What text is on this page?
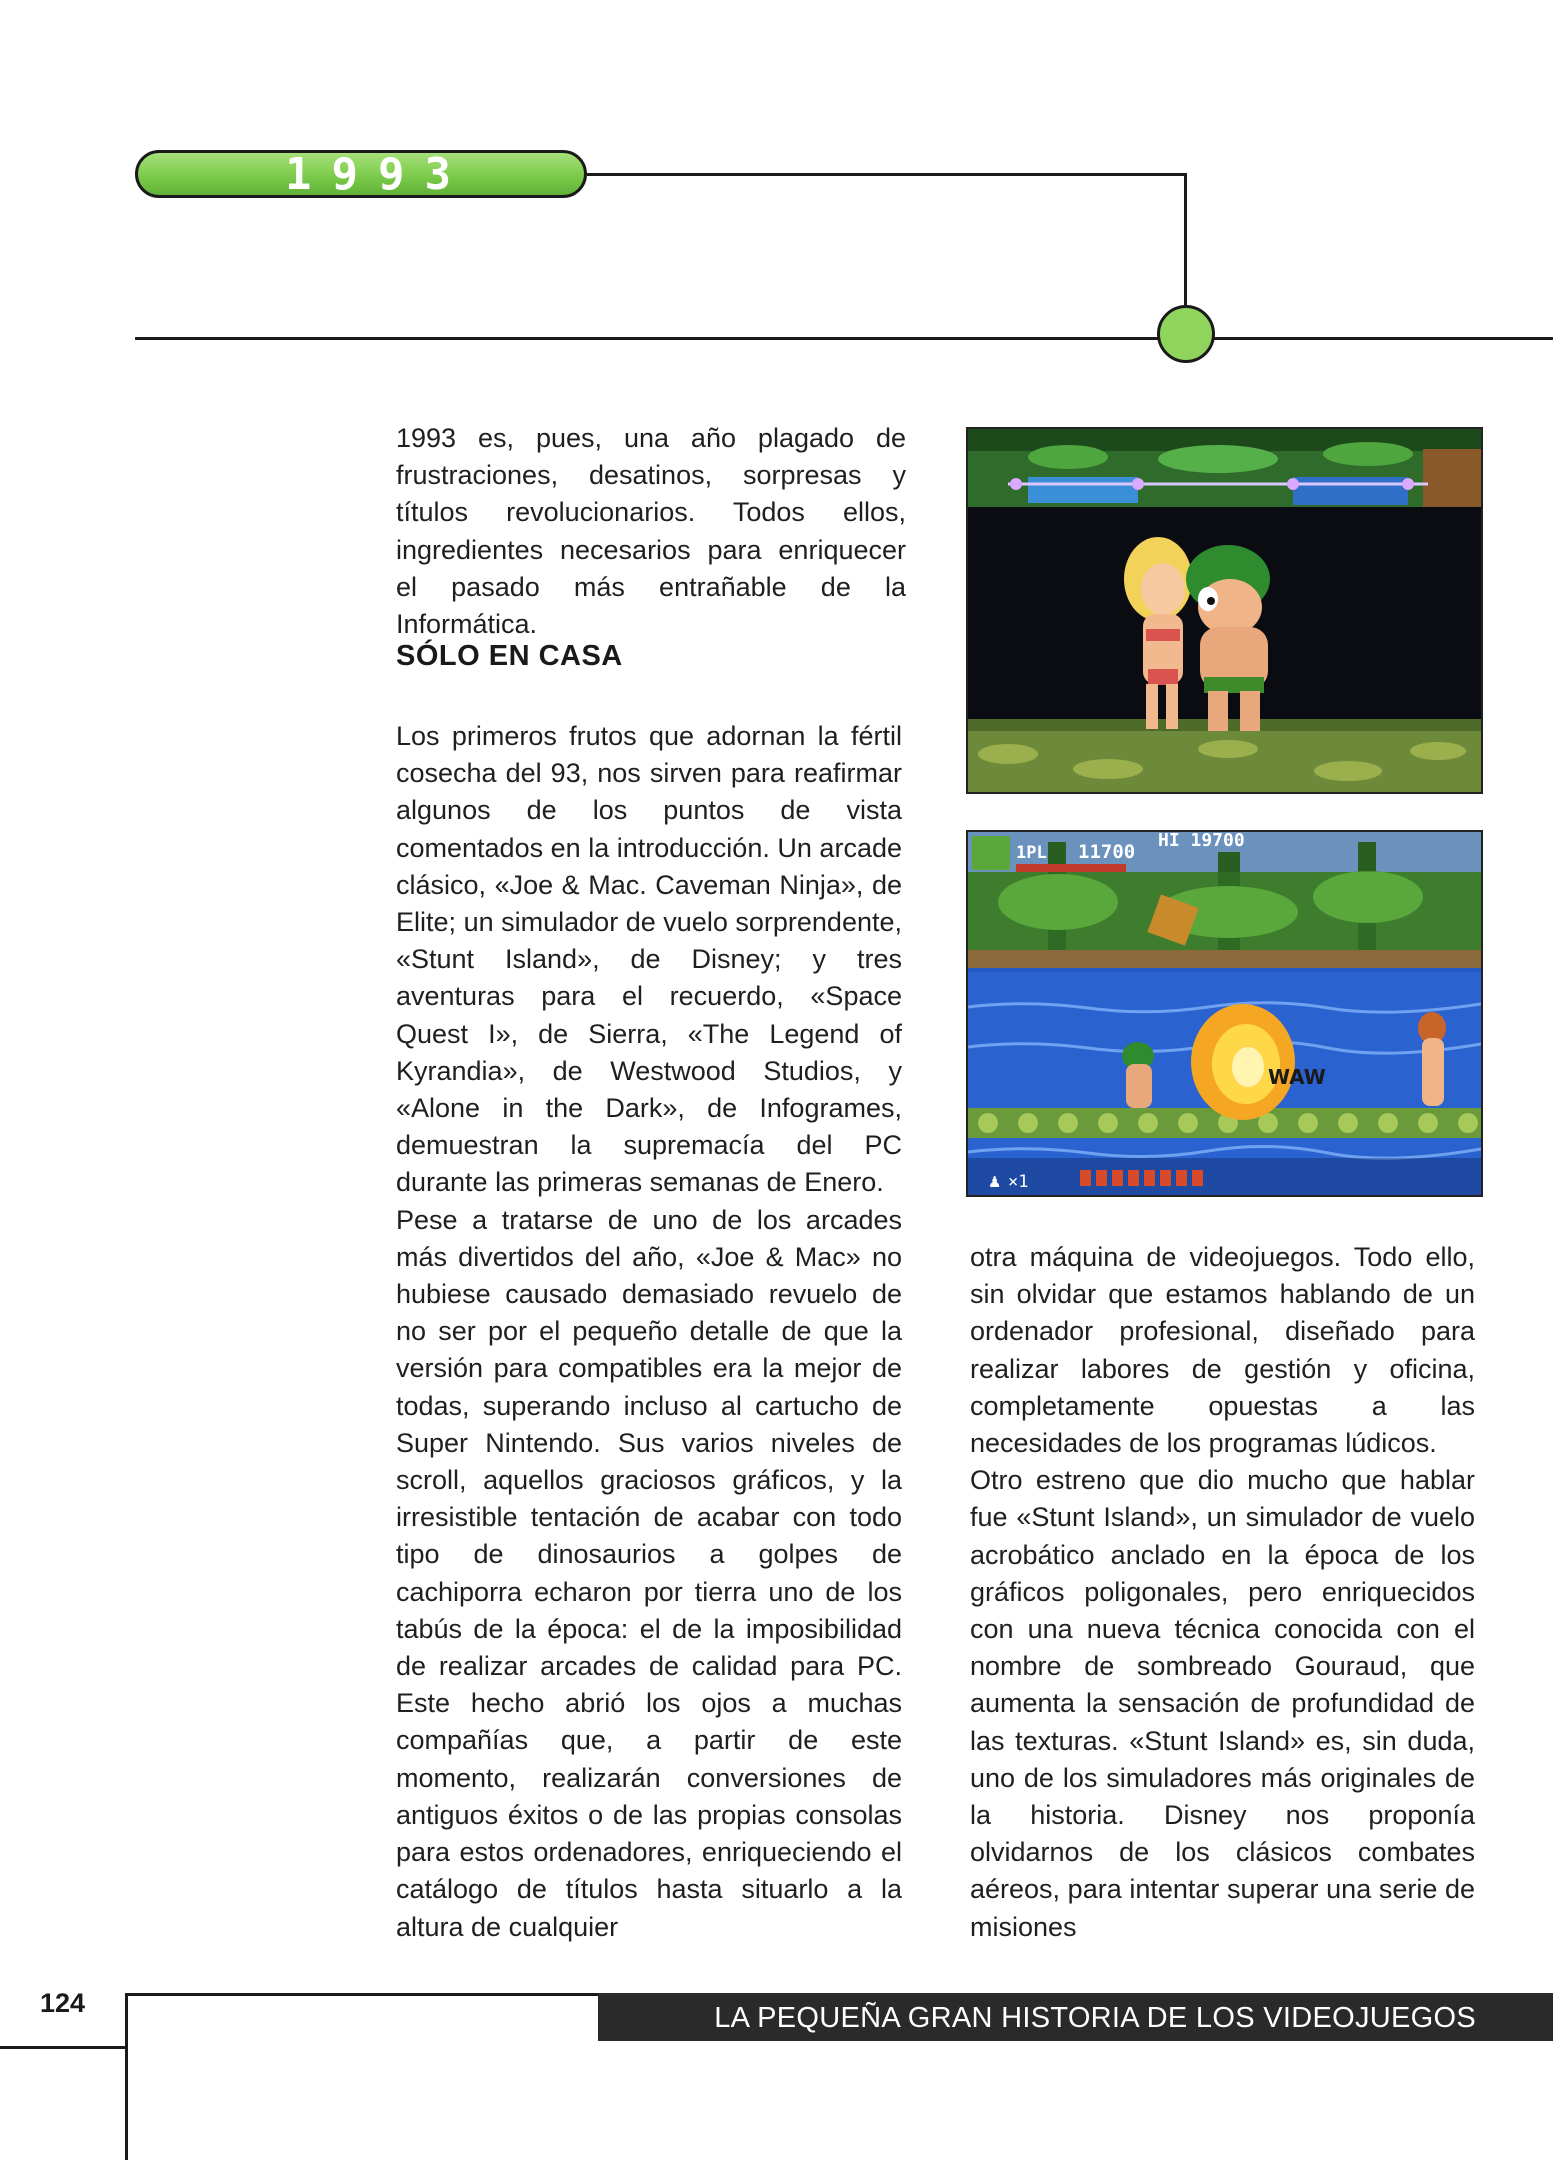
1993

1993 es, pues, una año plagado de frustraciones, desatinos, sorpresas y títulos revolucionarios. Todos ellos, ingredientes necesarios para enriquecer el pasado más entrañable de la Informática.

SÓLO EN CASA

Los primeros frutos que adornan la fértil cosecha del 93, nos sirven para reafirmar algunos de los puntos de vista comentados en la introducción. Un arcade clásico, «Joe & Mac. Caveman Ninja», de Elite; un simulador de vuelo sorprendente, «Stunt Island», de Disney; y tres aventuras para el recuerdo, «Space Quest I», de Sierra, «The Legend of Kyrandia», de Westwood Studios, y «Alone in the Dark», de Infogrames, demuestran la supremacía del PC durante las primeras semanas de Enero.

Pese a tratarse de uno de los arcades más divertidos del año, «Joe & Mac» no hubiese causado demasiado revuelo de no ser por el pequeño detalle de que la versión para compatibles era la mejor de todas, superando incluso al cartucho de Super Nintendo. Sus varios niveles de scroll, aquellos graciosos gráficos, y la irresistible tentación de acabar con todo tipo de dinosaurios a golpes de cachiporra echaron por tierra uno de los tabús de la época: el de la imposibilidad de realizar arcades de calidad para PC. Este hecho abrió los ojos a muchas compañías que, a partir de este momento, realizarán conversiones de antiguos éxitos o de las propias consolas para estos ordenadores, enriqueciendo el catálogo de títulos hasta situarlo a la altura de cualquier

otra máquina de videojuegos. Todo ello, sin olvidar que estamos hablando de un ordenador profesional, diseñado para realizar labores de gestión y oficina, completamente opuestas a las necesidades de los programas lúdicos.

Otro estreno que dio mucho que hablar fue «Stunt Island», un simulador de vuelo acrobático anclado en la época de los gráficos poligonales, pero enriquecidos con una nueva técnica conocida con el nombre de sombreado Gouraud, que aumenta la sensación de profundidad de las texturas. «Stunt Island» es, sin duda, uno de los simuladores más originales de la historia. Disney nos proponía olvidarnos de los clásicos combates aéreos, para intentar superar una serie de misiones

WAW
1PL 11700
HI 19700
♟ ×1
124	LA PEQUEÑA GRAN HISTORIA DE LOS VIDEOJUEGOS
